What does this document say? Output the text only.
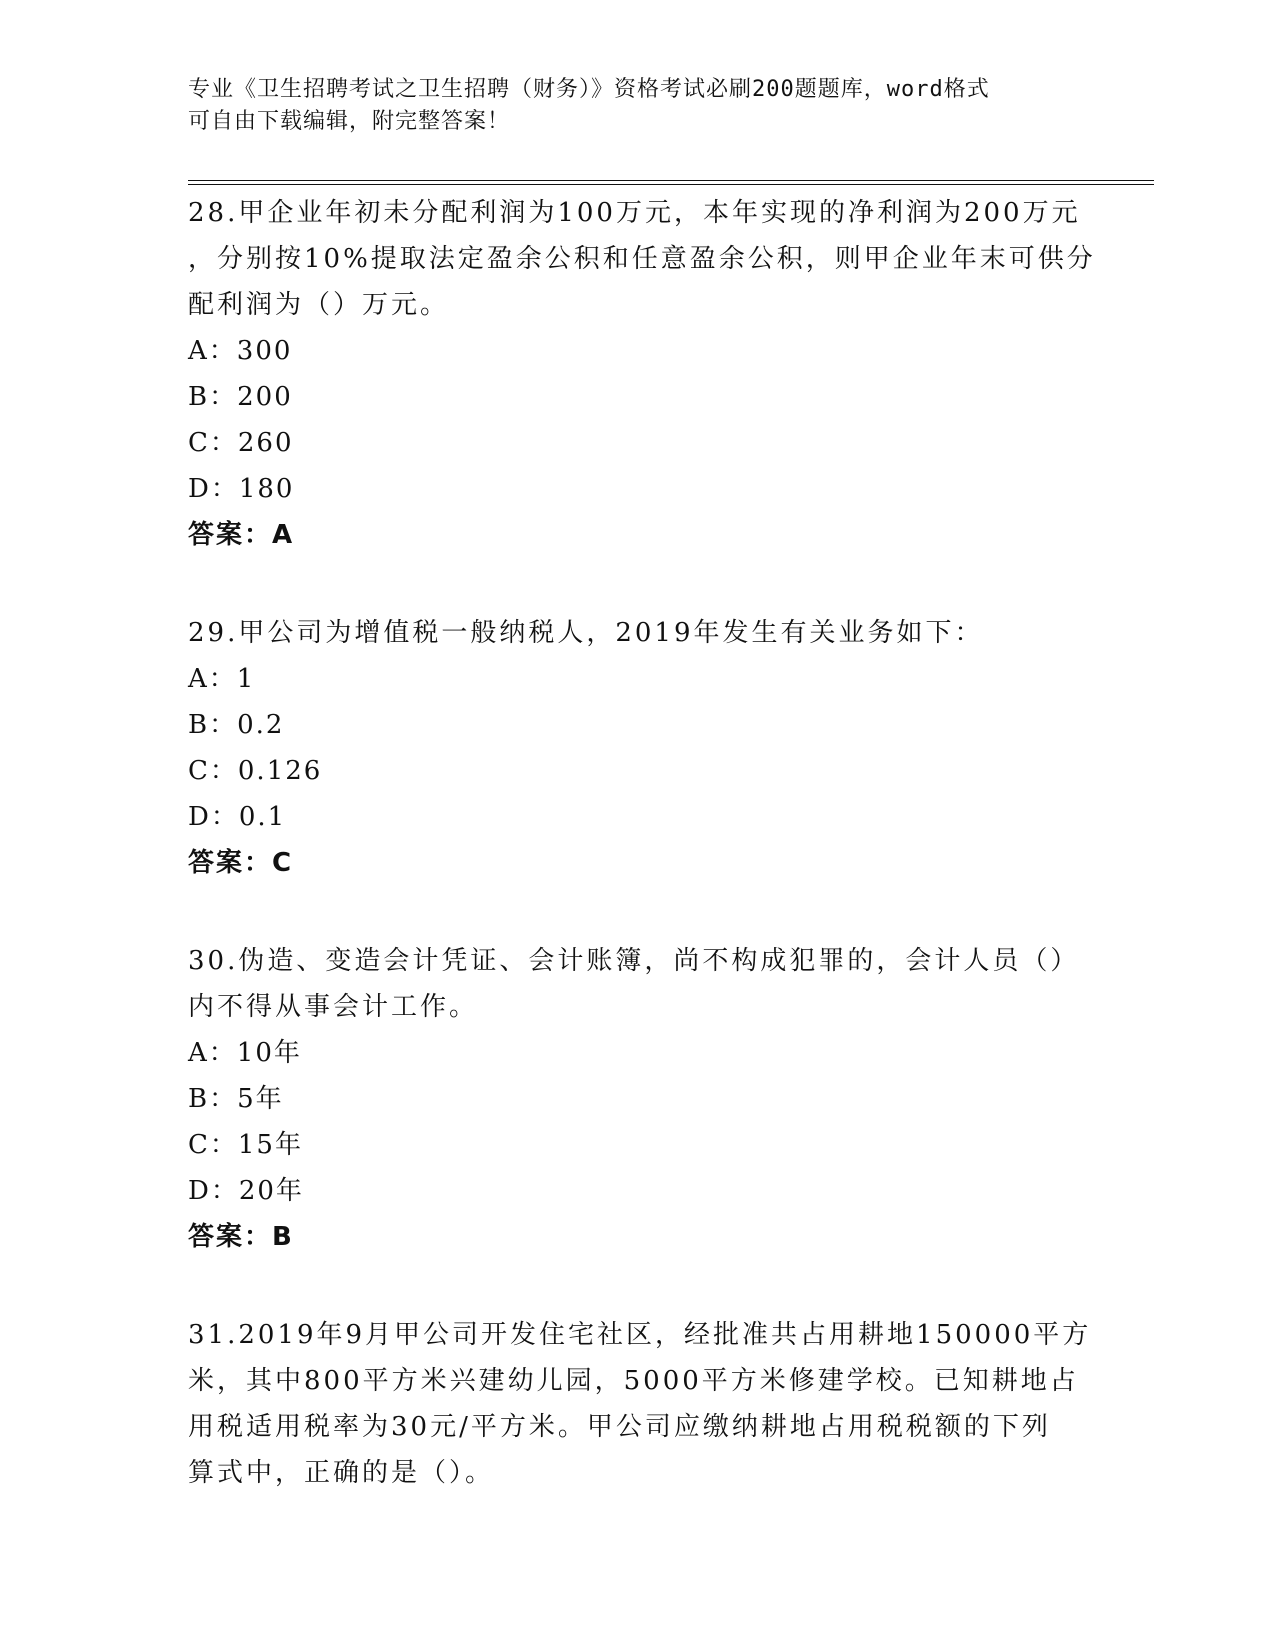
专业《卫生招聘考试之卫生招聘（财务）》资格考试必刷200题题库，word格式
可自由下载编辑，附完整答案！
28.甲企业年初未分配利润为100万元，本年实现的净利润为200万元
，分别按10%提取法定盈余公积和任意盈余公积，则甲企业年末可供分
配利润为（）万元。
A：300
B：200
C：260
D：180
答案：A
29.甲公司为增值税一般纳税人，2019年发生有关业务如下：
A：1
B：0.2
C：0.126
D：0.1
答案：C
30.伪造、变造会计凭证、会计账簿，尚不构成犯罪的，会计人员（）
内不得从事会计工作。
A：10年
B：5年
C：15年
D：20年
答案：B
31.2019年9月甲公司开发住宅社区，经批准共占用耕地150000平方
米，其中800平方米兴建幼儿园，5000平方米修建学校。已知耕地占
用税适用税率为30元/平方米。甲公司应缴纳耕地占用税税额的下列
算式中，正确的是（）。
